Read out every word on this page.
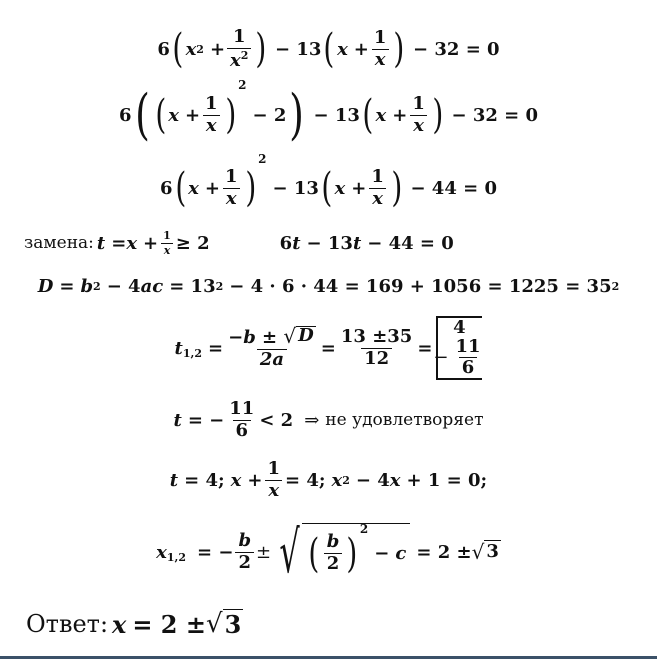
6 ( x $2 + \frac{1}{x^2}$ ) − 13 ( $x + \frac{1}{x}$ ) − 32 = 0
6 ( ( $x + \frac{1}{x}$ )
2
− 2 ) − 13 ( $x + \frac{1}{x}$ ) − 32 = 0
6 ( $x + \frac{1}{x}$ )
2
− 13 ( $x + \frac{1}{x}$ ) − 44 = 0
замена: $t = x + \frac{1}{x} \ge 2$	6 t − 13 t − 44 = 0
D = b 2 − 4 ac = 13 2 − 4 · 6 · 44 = 169 + 1056 = 1225 = 35 2
$t_{1,2} = \frac{-b \pm √ D}{2a} = \frac{13 \pm 35}{12}$ =
4
− $\frac{11}{6}$
t = − $\frac{11}{6} < 2$ ⇒ не удовлетворяет
t = 4; $x + \frac{1}{x} = 4$; x 2 − 4 x + 1 = 0;
$x_{1,2}$ = − $\frac{b}{2}$ ± √ ( $\frac{b}{2}$ )
2
− c = 2 ± √ 3
Ответ: x = 2 ± √ 3
